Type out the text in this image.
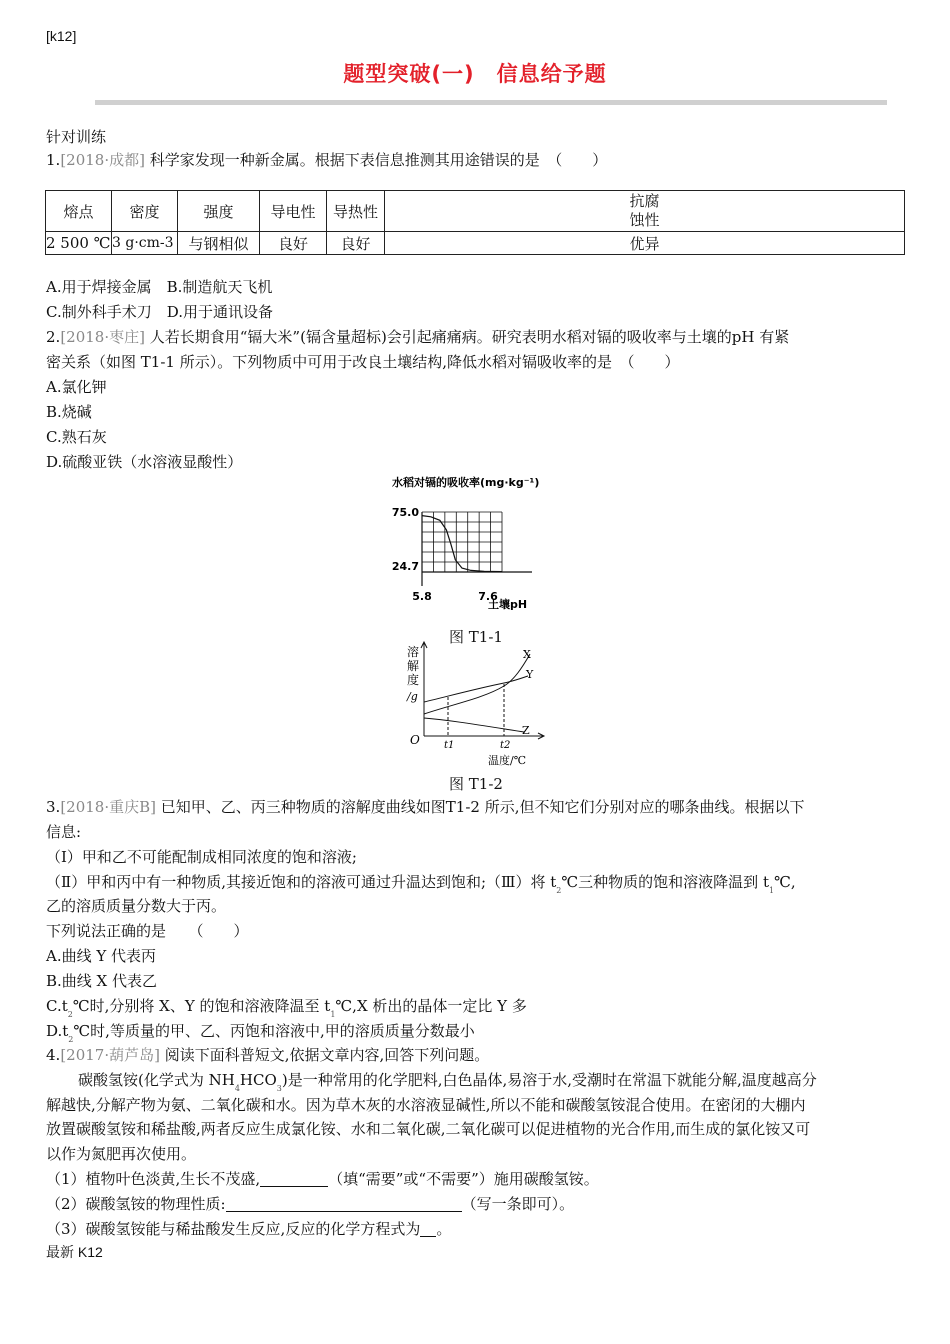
[k12]
题型突破(一)　信息给予题
针对训练
1.[2018·成都] 科学家发现一种新金属。根据下表信息推测其用途错误的是　（　　）
熔点	密度	强度	导电性	导热性	抗腐
蚀性

2 500 ℃	3 g·cm-3	与钢相似	良好	良好	优异
A.用于焊接金属　B.制造航天飞机
C.制外科手术刀　D.用于通讯设备
2.[2018·枣庄] 人若长期食用“镉大米”(镉含量超标)会引起痛痛病。研究表明水稻对镉的吸收率与土壤的pH 有紧
密关系（如图 T1-1 所示）。下列物质中可用于改良土壤结构,降低水稻对镉吸收率的是　（　　）
A.氯化钾
B.烧碱
C.熟石灰
D.硫酸亚铁（水溶液显酸性）
水稻对镉的吸收率(mg·kg⁻¹)
75.0
24.7
5.8	7.6
土壤pH
图 T1-1
溶
解
度
/g
O
X
Y
Z
t1	t2
温度/℃
图 T1-2
3.[2018·重庆B] 已知甲、乙、丙三种物质的溶解度曲线如图T1-2 所示,但不知它们分别对应的哪条曲线。根据以下
信息:
（Ⅰ）甲和乙不可能配制成相同浓度的饱和溶液;
（Ⅱ）甲和丙中有一种物质,其接近饱和的溶液可通过升温达到饱和;（Ⅲ）将 $t_2℃$三种物质的饱和溶液降温到 $t_1℃$,
乙的溶质质量分数大于丙。
下列说法正确的是　　（　　）
A.曲线 Y 代表丙
B.曲线 X 代表乙
$C.t_2℃$时,分别将 X、Y 的饱和溶液降温至 $t_1℃,X$ 析出的晶体一定比 Y 多
$D.t_2℃$时,等质量的甲、乙、丙饱和溶液中,甲的溶质质量分数最小
4.[2017·葫芦岛] 阅读下面科普短文,依据文章内容,回答下列问题。
碳酸氢铵(化学式为 $NH_4HCO_3$)是一种常用的化学肥料,白色晶体,易溶于水,受潮时在常温下就能分解,温度越高分
解越快,分解产物为氨、二氧化碳和水。因为草木灰的水溶液显碱性,所以不能和碳酸氢铵混合使用。在密闭的大棚内
放置碳酸氢铵和稀盐酸,两者反应生成氯化铵、水和二氧化碳,二氧化碳可以促进植物的光合作用,而生成的氯化铵又可
以作为氮肥再次使用。
（1）植物叶色淡黄,生长不茂盛,	（填“需要”或“不需要”）施用碳酸氢铵。
（2）碳酸氢铵的物理性质:	（写一条即可）。
（3）碳酸氢铵能与稀盐酸发生反应,反应的化学方程式为 。
最新 K12
